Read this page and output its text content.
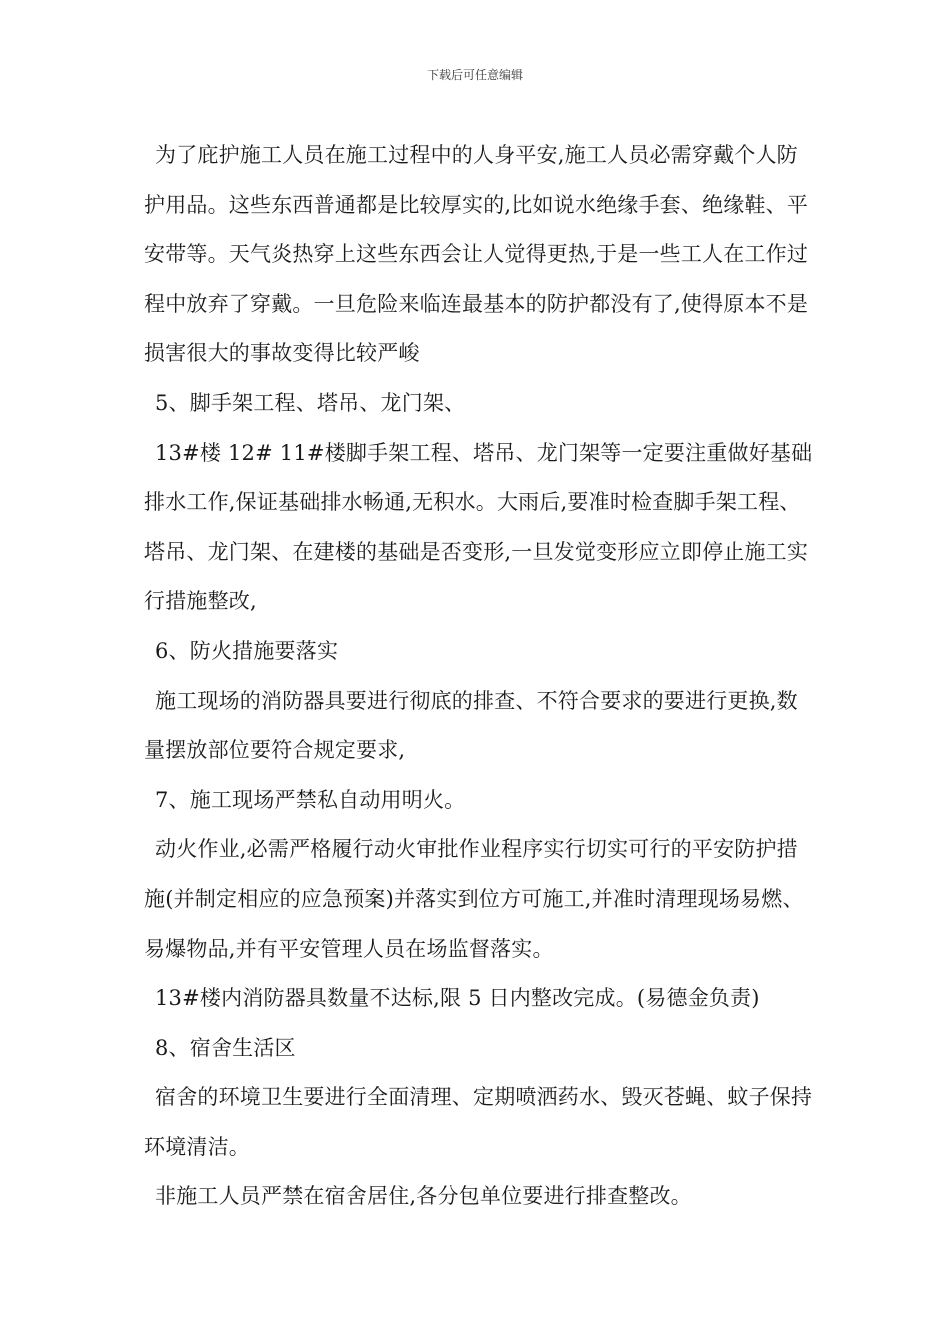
下载后可任意编辑

为了庇护施工人员在施工过程中的人身平安,施工人员必需穿戴个人防护用品。这些东西普通都是比较厚实的,比如说水绝缘手套、绝缘鞋、平安带等。天气炎热穿上这些东西会让人觉得更热,于是一些工人在工作过程中放弃了穿戴。一旦危险来临连最基本的防护都没有了,使得原本不是损害很大的事故变得比较严峻

5、脚手架工程、塔吊、龙门架、

13#楼 12# 11#楼脚手架工程、塔吊、龙门架等一定要注重做好基础排水工作,保证基础排水畅通,无积水。大雨后,要准时检查脚手架工程、塔吊、龙门架、在建楼的基础是否变形,一旦发觉变形应立即停止施工实行措施整改,

6、防火措施要落实

施工现场的消防器具要进行彻底的排查、不符合要求的要进行更换,数量摆放部位要符合规定要求,

7、施工现场严禁私自动用明火。

动火作业,必需严格履行动火审批作业程序实行切实可行的平安防护措施(并制定相应的应急预案)并落实到位方可施工,并准时清理现场易燃、易爆物品,并有平安管理人员在场监督落实。

13#楼内消防器具数量不达标,限 5 日内整改完成。(易德金负责)

8、宿舍生活区

宿舍的环境卫生要进行全面清理、定期喷洒药水、毁灭苍蝇、蚊子保持环境清洁。

非施工人员严禁在宿舍居住,各分包单位要进行排查整改。
